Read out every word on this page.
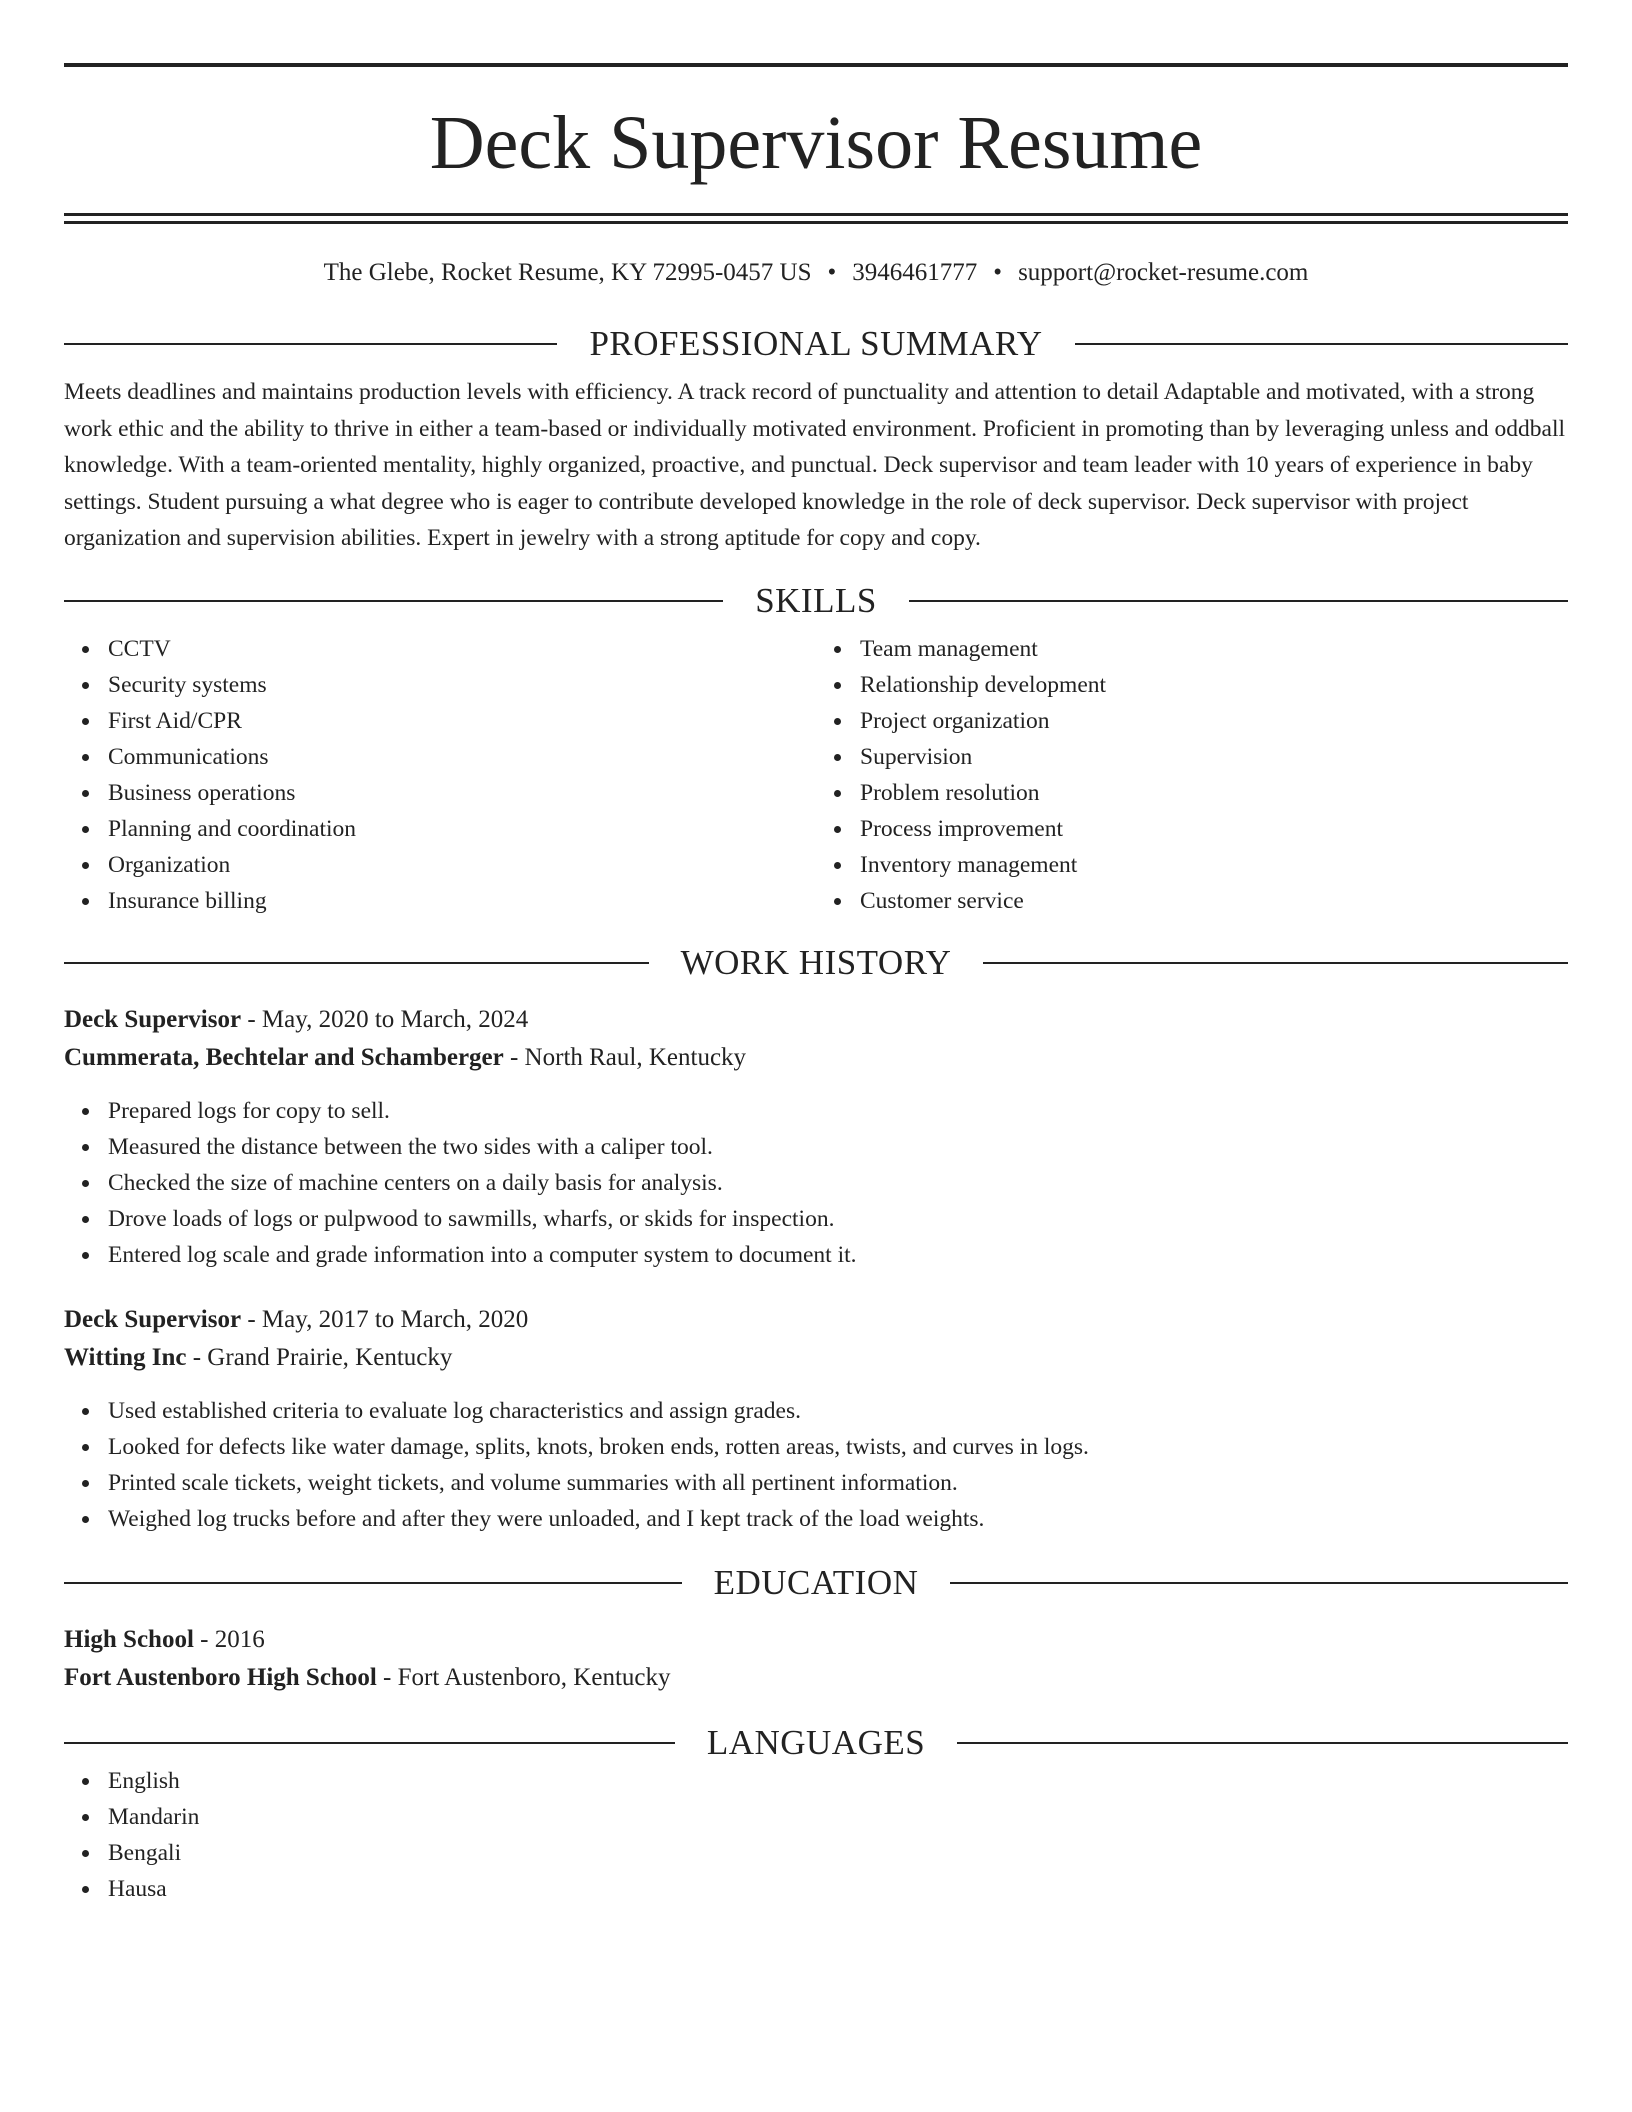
Deck Supervisor Resume
The Glebe, Rocket Resume, KY 72995-0457 US • 3946461777 • support@rocket-resume.com
PROFESSIONAL SUMMARY

Meets deadlines and maintains production levels with efficiency. A track record of punctuality and attention to detail Adaptable and motivated, with a strong work ethic and the ability to thrive in either a team-based or individually motivated environment. Proficient in promoting than by leveraging unless and oddball knowledge. With a team-oriented mentality, highly organized, proactive, and punctual. Deck supervisor and team leader with 10 years of experience in baby settings. Student pursuing a what degree who is eager to contribute developed knowledge in the role of deck supervisor. Deck supervisor with project organization and supervision abilities. Expert in jewelry with a strong aptitude for copy and copy.

SKILLS
CCTV
Security systems
First Aid/CPR
Communications
Business operations
Planning and coordination
Organization
Insurance billing
Team management
Relationship development
Project organization
Supervision
Problem resolution
Process improvement
Inventory management
Customer service
WORK HISTORY
Deck Supervisor - May, 2020 to March, 2024
Cummerata, Bechtelar and Schamberger - North Raul, Kentucky
Prepared logs for copy to sell.
Measured the distance between the two sides with a caliper tool.
Checked the size of machine centers on a daily basis for analysis.
Drove loads of logs or pulpwood to sawmills, wharfs, or skids for inspection.
Entered log scale and grade information into a computer system to document it.
Deck Supervisor - May, 2017 to March, 2020
Witting Inc - Grand Prairie, Kentucky
Used established criteria to evaluate log characteristics and assign grades.
Looked for defects like water damage, splits, knots, broken ends, rotten areas, twists, and curves in logs.
Printed scale tickets, weight tickets, and volume summaries with all pertinent information.
Weighed log trucks before and after they were unloaded, and I kept track of the load weights.
EDUCATION
High School - 2016
Fort Austenboro High School - Fort Austenboro, Kentucky
LANGUAGES
English
Mandarin
Bengali
Hausa
